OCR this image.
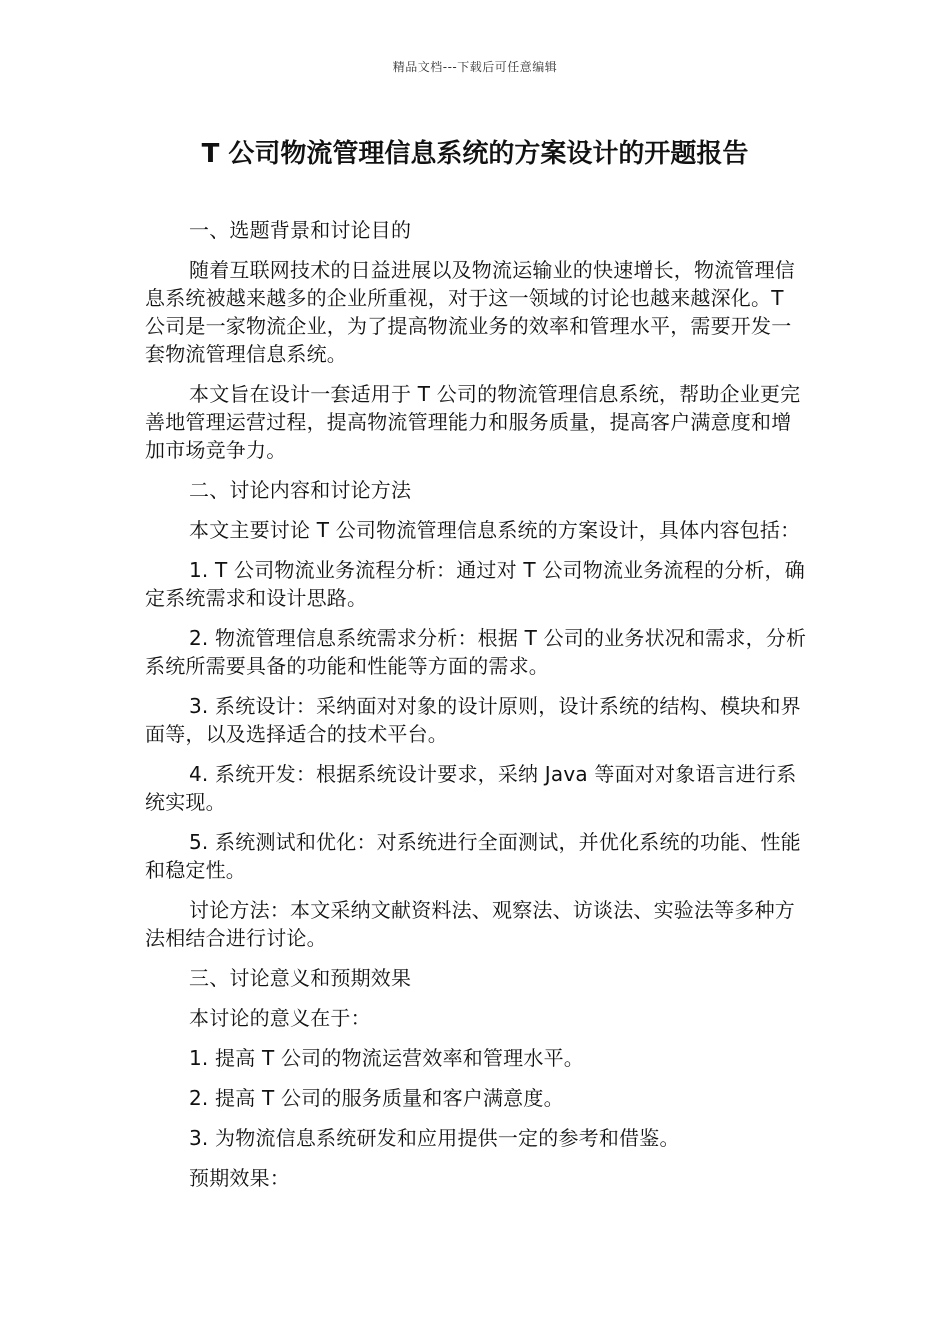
精品文档---下载后可任意编辑
T 公司物流管理信息系统的方案设计的开题报告

一、选题背景和讨论目的

随着互联网技术的日益进展以及物流运输业的快速增长，物流管理信息系统被越来越多的企业所重视，对于这一领域的讨论也越来越深化。T 公司是一家物流企业，为了提高物流业务的效率和管理水平，需要开发一套物流管理信息系统。

本文旨在设计一套适用于 T 公司的物流管理信息系统，帮助企业更完善地管理运营过程，提高物流管理能力和服务质量，提高客户满意度和增加市场竞争力。

二、讨论内容和讨论方法

本文主要讨论 T 公司物流管理信息系统的方案设计，具体内容包括：

1. T 公司物流业务流程分析：通过对 T 公司物流业务流程的分析，确定系统需求和设计思路。

2. 物流管理信息系统需求分析：根据 T 公司的业务状况和需求，分析系统所需要具备的功能和性能等方面的需求。

3. 系统设计：采纳面对对象的设计原则，设计系统的结构、模块和界面等，以及选择适合的技术平台。

4. 系统开发：根据系统设计要求，采纳 Java 等面对对象语言进行系统实现。

5. 系统测试和优化：对系统进行全面测试，并优化系统的功能、性能和稳定性。

讨论方法：本文采纳文献资料法、观察法、访谈法、实验法等多种方法相结合进行讨论。

三、讨论意义和预期效果

本讨论的意义在于：

1. 提高 T 公司的物流运营效率和管理水平。

2. 提高 T 公司的服务质量和客户满意度。

3. 为物流信息系统研发和应用提供一定的参考和借鉴。

预期效果：
